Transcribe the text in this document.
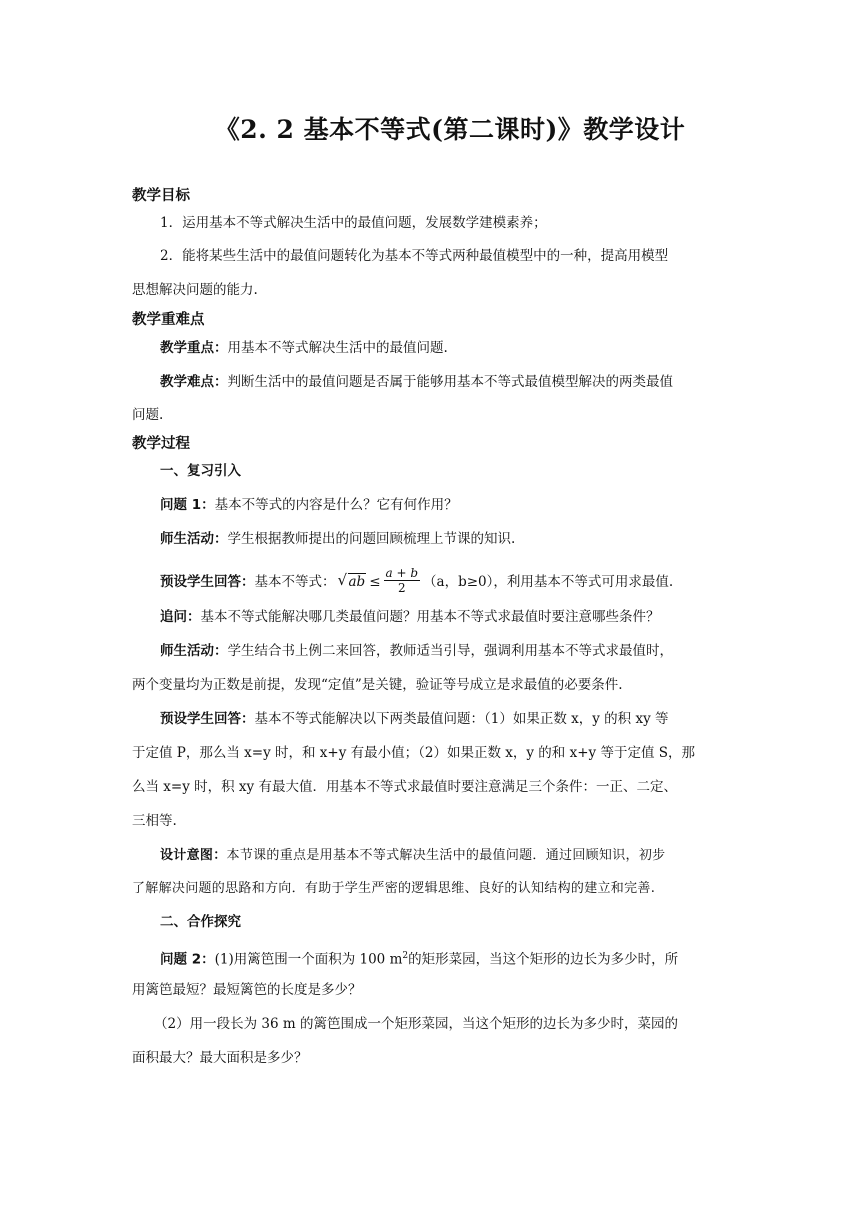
《2. 2 基本不等式(第二课时)》教学设计
教学目标
1．运用基本不等式解决生活中的最值问题，发展数学建模素养；
2．能将某些生活中的最值问题转化为基本不等式两种最值模型中的一种，提高用模型
思想解决问题的能力.
教学重难点
教学重点：用基本不等式解决生活中的最值问题.
教学难点：判断生活中的最值问题是否属于能够用基本不等式最值模型解决的两类最值
问题.
教学过程
一、复习引入
问题 1：基本不等式的内容是什么？它有何作用？
师生活动：学生根据教师提出的问题回顾梳理上节课的知识.
预设学生回答：基本不等式： √ ab ≤ $\frac{a + b}{2} (a$，b≥0），利用基本不等式可用求最值.
追问：基本不等式能解决哪几类最值问题？用基本不等式求最值时要注意哪些条件？
师生活动：学生结合书上例二来回答，教师适当引导，强调利用基本不等式求最值时，
两个变量均为正数是前提，发现“定值”是关键，验证等号成立是求最值的必要条件.
预设学生回答：基本不等式能解决以下两类最值问题：（1）如果正数 x，y 的积 xy 等
于定值 P，那么当 x=y 时，和 x+y 有最小值；（2）如果正数 x，y 的和 x+y 等于定值 S，那
么当 x=y 时，积 xy 有最大值．用基本不等式求最值时要注意满足三个条件：一正、二定、
三相等.
设计意图：本节课的重点是用基本不等式解决生活中的最值问题．通过回顾知识，初步
了解解决问题的思路和方向．有助于学生严密的逻辑思维、良好的认知结构的建立和完善.
二、合作探究
问题 2：(1)用篱笆围一个面积为 100 $m^2$的矩形菜园，当这个矩形的边长为多少时，所
用篱笆最短？最短篱笆的长度是多少？
（2）用一段长为 36 m 的篱笆围成一个矩形菜园，当这个矩形的边长为多少时，菜园的
面积最大？最大面积是多少？
